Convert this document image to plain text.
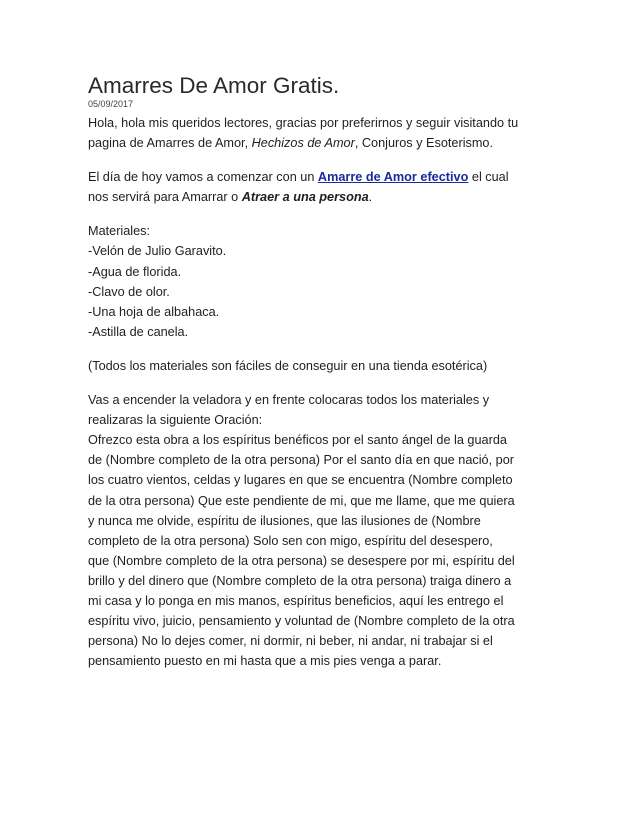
Amarres De Amor Gratis.
05/09/2017
Hola, hola mis queridos lectores, gracias por preferirnos y seguir visitando tu
pagina de Amarres de Amor, Hechizos de Amor, Conjuros y Esoterismo.
El día de hoy vamos a comenzar con un Amarre de Amor efectivo el cual
nos servirá para Amarrar o Atraer a una persona.
Materiales:
-Velón de Julio Garavito.
-Agua de florida.
-Clavo de olor.
-Una hoja de albahaca.
-Astilla de canela.
(Todos los materiales son fáciles de conseguir en una tienda esotérica)
Vas a encender la veladora y en frente colocaras todos los materiales y
realizaras la siguiente Oración:
Ofrezco esta obra a los espíritus benéficos por el santo ángel de la guarda
de (Nombre completo de la otra persona) Por el santo día en que nació, por
los cuatro vientos, celdas y lugares en que se encuentra (Nombre completo
de la otra persona) Que este pendiente de mi, que me llame, que me quiera
y nunca me olvide, espíritu de ilusiones, que las ilusiones de (Nombre
completo de la otra persona) Solo sen con migo, espíritu del desespero,
que (Nombre completo de la otra persona) se desespere por mi, espíritu del
brillo y del dinero que (Nombre completo de la otra persona) traiga dinero a
mi casa y lo ponga en mis manos, espíritus beneficios, aquí les entrego el
espíritu vivo, juicio, pensamiento y voluntad de (Nombre completo de la otra
persona) No lo dejes comer, ni dormir, ni beber, ni andar, ni trabajar si el
pensamiento puesto en mi hasta que a mis pies venga a parar.
